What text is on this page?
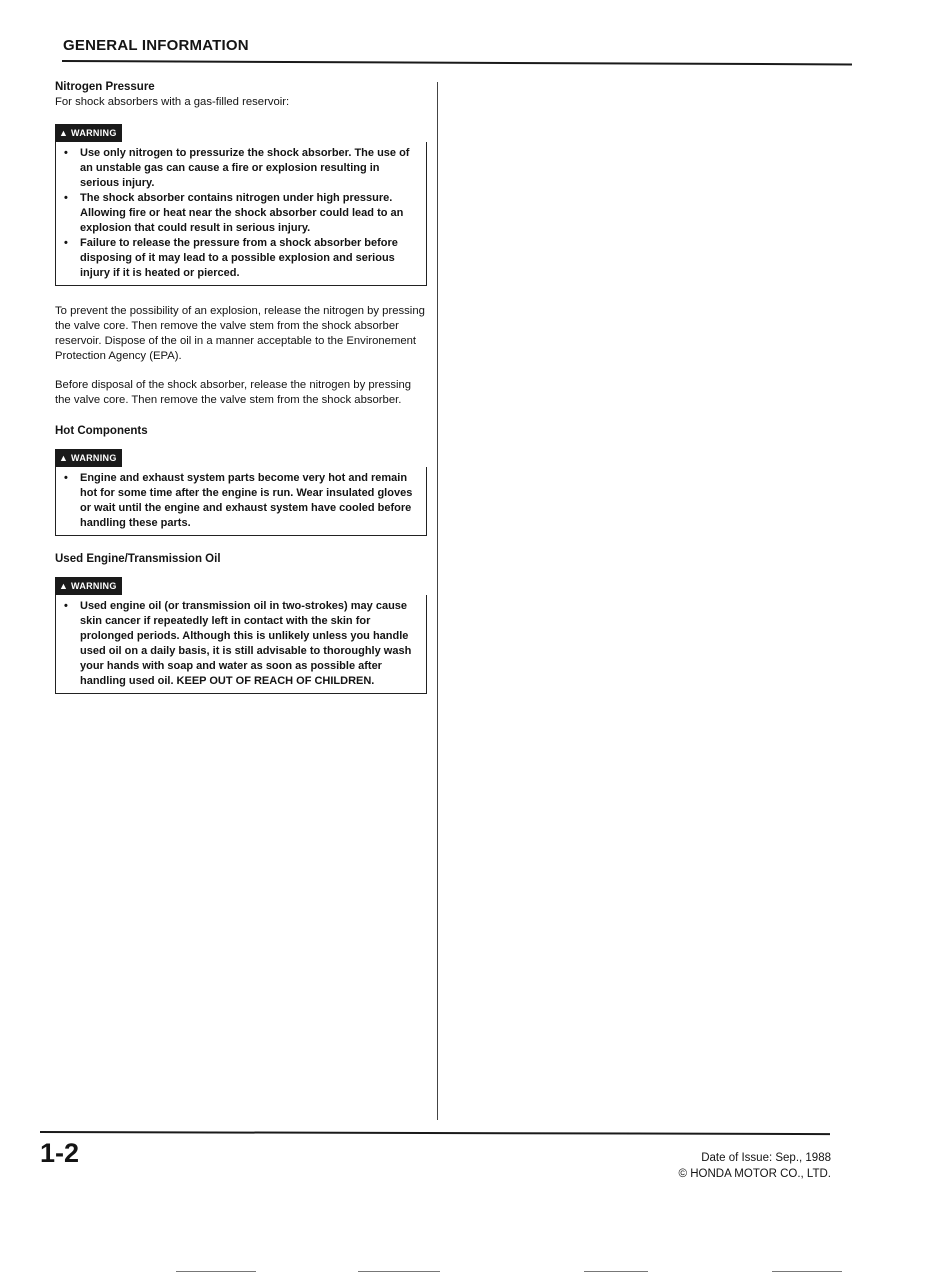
GENERAL INFORMATION
Nitrogen Pressure

For shock absorbers with a gas-filled reservoir:

▲ WARNING
•	Use only nitrogen to pressurize the shock absorber. The use of an unstable gas can cause a fire or explosion resulting in serious injury.
•	The shock absorber contains nitrogen under high pressure. Allowing fire or heat near the shock absorber could lead to an explosion that could result in serious injury.
•	Failure to release the pressure from a shock absorber before disposing of it may lead to a possible explosion and serious injury if it is heated or pierced.

To prevent the possibility of an explosion, release the nitrogen by pressing the valve core. Then remove the valve stem from the shock absorber reservoir. Dispose of the oil in a manner acceptable to the Environement Protection Agency (EPA).

Before disposal of the shock absorber, release the nitrogen by pressing the valve core. Then remove the valve stem from the shock absorber.

Hot Components
▲ WARNING
•	Engine and exhaust system parts become very hot and remain hot for some time after the engine is run. Wear insulated gloves or wait until the engine and exhaust system have cooled before handling these parts.
Used Engine/Transmission Oil
▲ WARNING
•	Used engine oil (or transmission oil in two-strokes) may cause skin cancer if repeatedly left in contact with the skin for prolonged periods. Although this is unlikely unless you handle used oil on a daily basis, it is still advisable to thoroughly wash your hands with soap and water as soon as possible after handling used oil. KEEP OUT OF REACH OF CHILDREN.
1-2	Date of Issue: Sep., 1988
© HONDA MOTOR CO., LTD.
